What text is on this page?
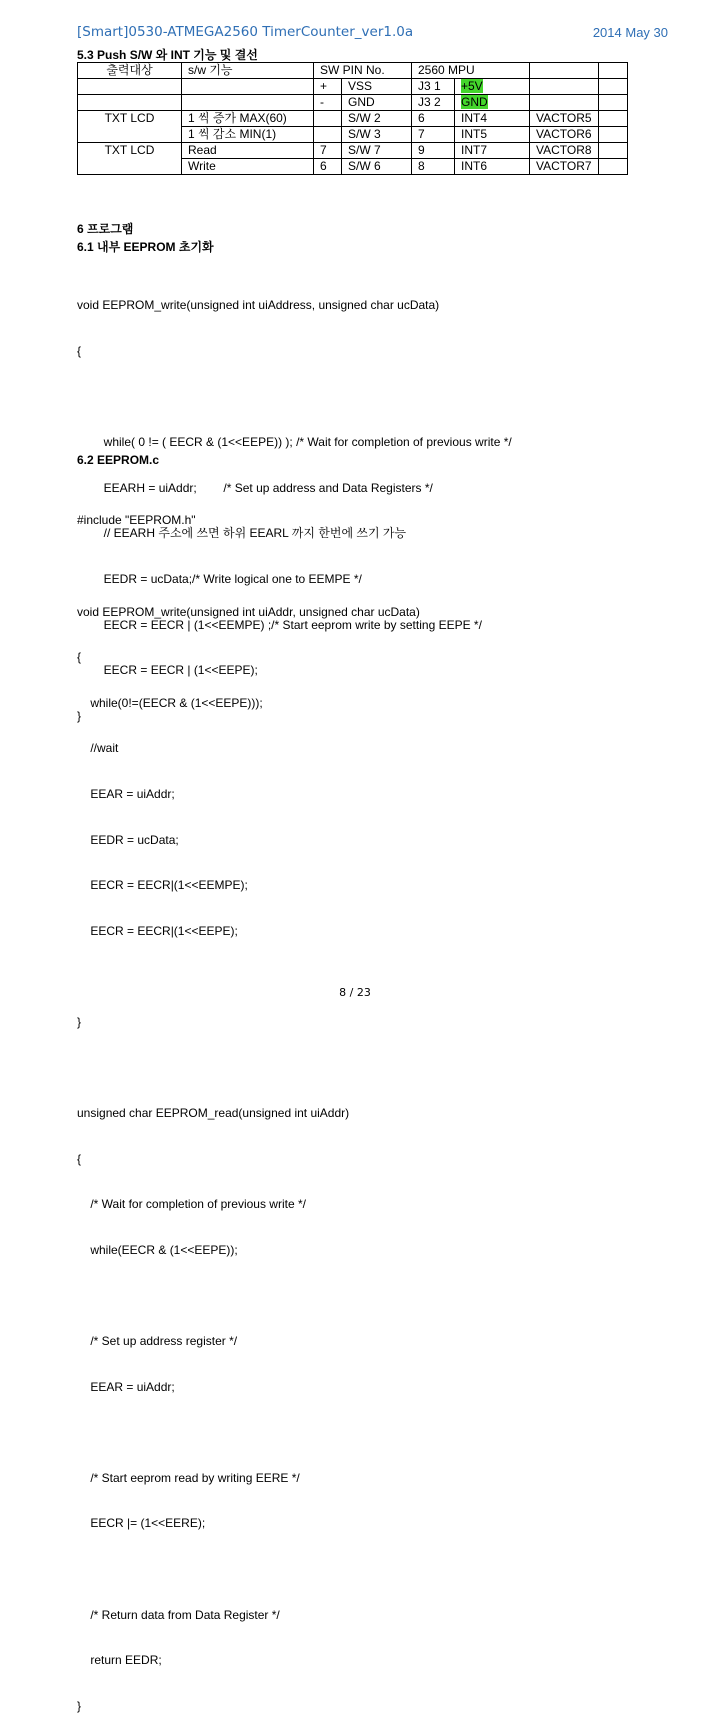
[Smart]0530-ATMEGA2560 TimerCounter_ver1.0a	2014 May 30
5.3 Push S/W 와 INT 기능 및 결선
출력대상	s/w 기능	SW PIN No.		2560 MPU			
		+	VSS	J3 1	+5V		
		-	GND	J3 2	GND		
TXT LCD	1 씩 증가 MAX(60)		S/W 2	6	INT4	VACTOR5	
	1 씩 감소 MIN(1)		S/W 3	7	INT5	VACTOR6	
TXT LCD	Read	7	S/W 7	9	INT7	VACTOR8	
	Write	6	S/W 6	8	INT6	VACTOR7	
6 프로그램
6.1 내부 EEPROM 초기화

void EEPROM_write(unsigned int uiAddress, unsigned char ucData)

{

while( 0 != ( EECR & (1<<EEPE)) ); /* Wait for completion of previous write */

EEARH = uiAddr;        /* Set up address and Data Registers */

// EEARH 주소에 쓰면 하위 EEARL 까지 한번에 쓰기 가능

EEDR = ucData;/* Write logical one to EEMPE */

EECR = EECR | (1<<EEMPE) ;/* Start eeprom write by setting EEPE */

EECR = EECR | (1<<EEPE);

}

6.2 EEPROM.c

#include "EEPROM.h"

void EEPROM_write(unsigned int uiAddr, unsigned char ucData)

{

while(0!=(EECR & (1<<EEPE)));

//wait

EEAR = uiAddr;

EEDR = ucData;

EECR = EECR|(1<<EEMPE);

EECR = EECR|(1<<EEPE);

}

unsigned char EEPROM_read(unsigned int uiAddr)

{

/* Wait for completion of previous write */

while(EECR & (1<<EEPE));

/* Set up address register */

EEAR = uiAddr;

/* Start eeprom read by writing EERE */

EECR |= (1<<EERE);

/* Return data from Data Register */

return EEDR;

}

8 / 23
